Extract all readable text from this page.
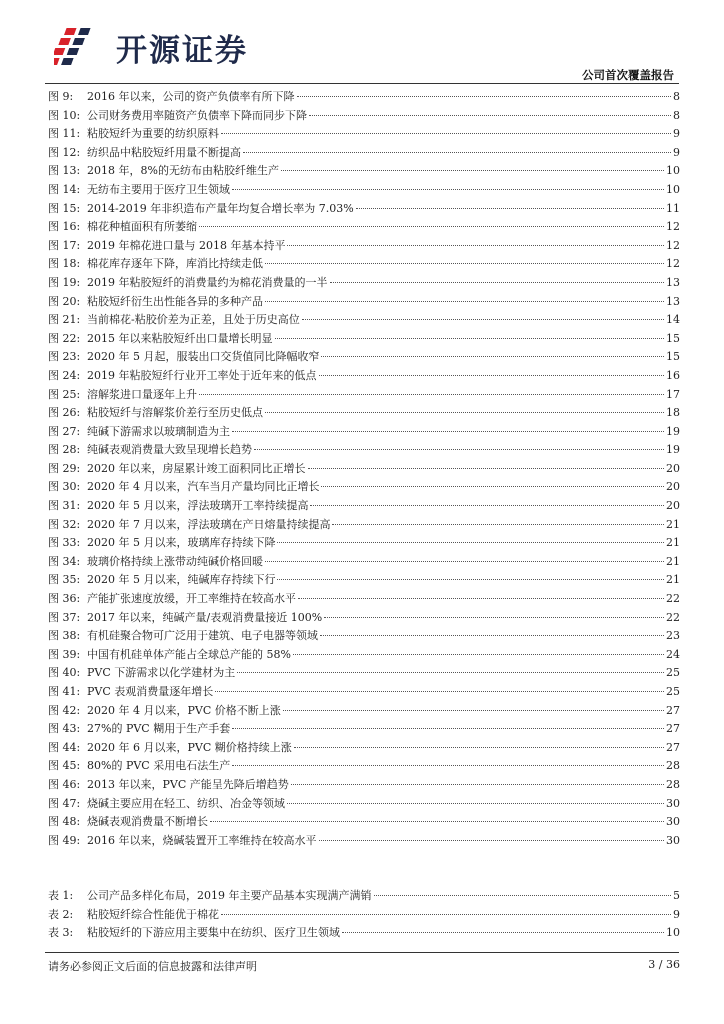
开源证券
公司首次覆盖报告
图 9:	2016 年以来，公司的资产负债率有所下降	8
图 10: 公司财务费用率随资产负债率下降而同步下降	8
图 11: 粘胶短纤为重要的纺织原料	9
图 12: 纺织品中粘胶短纤用量不断提高	9
图 13: 2018 年，8%的无纺布由粘胶纤维生产	10
图 14: 无纺布主要用于医疗卫生领域	10
图 15: 2014-2019 年非织造布产量年均复合增长率为 7.03%	11
图 16: 棉花种植面积有所萎缩	12
图 17: 2019 年棉花进口量与 2018 年基本持平	12
图 18: 棉花库存逐年下降，库消比持续走低	12
图 19: 2019 年粘胶短纤的消费量约为棉花消费量的一半	13
图 20: 粘胶短纤衍生出性能各异的多种产品	13
图 21: 当前棉花-粘胶价差为正差，且处于历史高位	14
图 22: 2015 年以来粘胶短纤出口量增长明显	15
图 23: 2020 年 5 月起，服装出口交货值同比降幅收窄	15
图 24: 2019 年粘胶短纤行业开工率处于近年来的低点	16
图 25: 溶解浆进口量逐年上升	17
图 26: 粘胶短纤与溶解浆价差行至历史低点	18
图 27: 纯碱下游需求以玻璃制造为主	19
图 28: 纯碱表观消费量大致呈现增长趋势	19
图 29: 2020 年以来，房屋累计竣工面积同比正增长	20
图 30: 2020 年 4 月以来，汽车当月产量均同比正增长	20
图 31: 2020 年 5 月以来，浮法玻璃开工率持续提高	20
图 32: 2020 年 7 月以来，浮法玻璃在产日熔量持续提高	21
图 33: 2020 年 5 月以来，玻璃库存持续下降	21
图 34: 玻璃价格持续上涨带动纯碱价格回暖	21
图 35: 2020 年 5 月以来，纯碱库存持续下行	21
图 36: 产能扩张速度放缓，开工率维持在较高水平	22
图 37: 2017 年以来，纯碱产量/表观消费量接近 100%	22
图 38: 有机硅聚合物可广泛用于建筑、电子电器等领域	23
图 39: 中国有机硅单体产能占全球总产能的 58%	24
图 40: PVC 下游需求以化学建材为主	25
图 41: PVC 表观消费量逐年增长	25
图 42: 2020 年 4 月以来，PVC 价格不断上涨	27
图 43: 27%的 PVC 糊用于生产手套	27
图 44: 2020 年 6 月以来，PVC 糊价格持续上涨	27
图 45: 80%的 PVC 采用电石法生产	28
图 46: 2013 年以来，PVC 产能呈先降后增趋势	28
图 47: 烧碱主要应用在轻工、纺织、冶金等领域	30
图 48: 烧碱表观消费量不断增长	30
图 49: 2016 年以来，烧碱装置开工率维持在较高水平	30
表 1:	公司产品多样化布局，2019 年主要产品基本实现满产满销	5
表 2:	粘胶短纤综合性能优于棉花	9
表 3:	粘胶短纤的下游应用主要集中在纺织、医疗卫生领域	10
请务必参阅正文后面的信息披露和法律声明	3 / 36
